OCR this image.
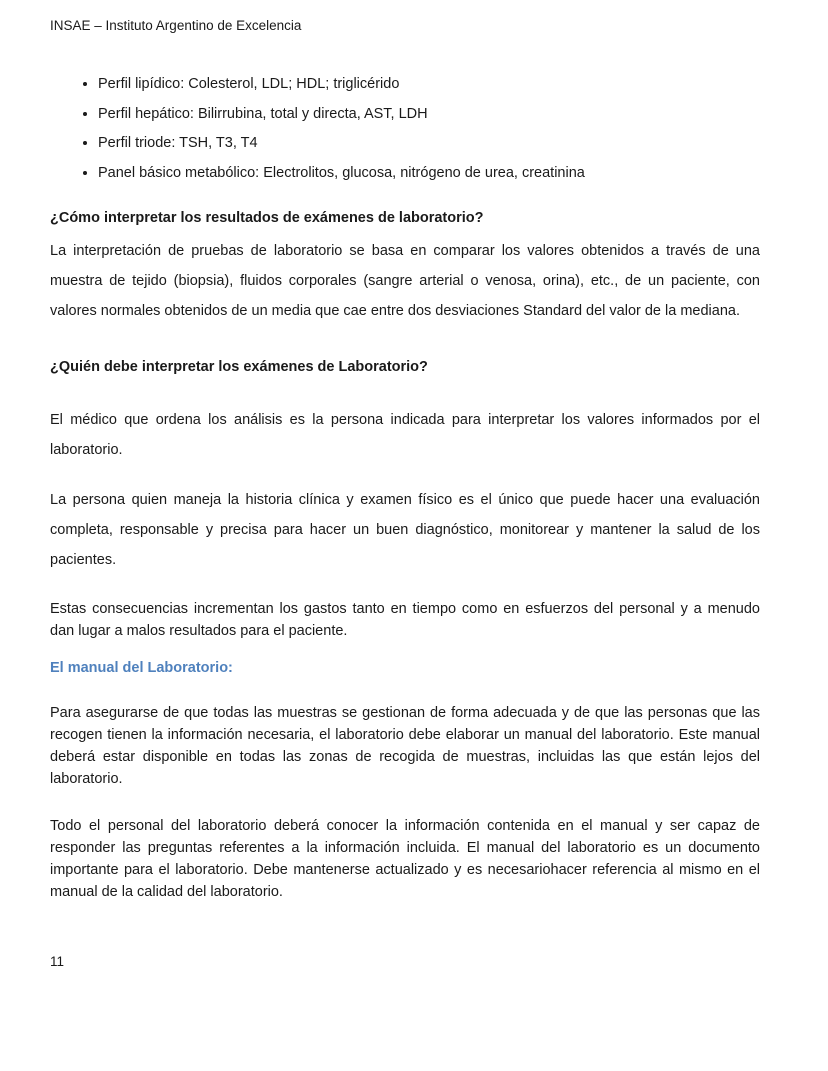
INSAE – Instituto Argentino de Excelencia
• Perfil lipídico: Colesterol, LDL; HDL; triglicérido
• Perfil hepático: Bilirrubina, total y directa, AST, LDH
• Perfil triode: TSH, T3, T4
• Panel básico metabólico: Electrolitos, glucosa, nitrógeno de urea, creatinina
¿Cómo interpretar los resultados de exámenes de laboratorio?

La interpretación de pruebas de laboratorio se basa en comparar los valores obtenidos a través de una muestra de tejido (biopsia), fluidos corporales (sangre arterial o venosa, orina), etc., de un paciente, con valores normales obtenidos de un media que cae entre dos desviaciones Standard del valor de la mediana.

¿Quién debe interpretar los exámenes de Laboratorio?

El médico que ordena los análisis es la persona indicada para interpretar los valores informados por el laboratorio.

La persona quien maneja la historia clínica y examen físico es el único que puede hacer una evaluación completa, responsable y precisa para hacer un buen diagnóstico, monitorear y mantener la salud de los pacientes.

Estas consecuencias incrementan los gastos tanto en tiempo como en esfuerzos del personal y a menudo dan lugar a malos resultados para el paciente.

El manual del Laboratorio:

Para asegurarse de que todas las muestras se gestionan de forma adecuada y de que las personas que las recogen tienen la información necesaria, el laboratorio debe elaborar un manual del laboratorio. Este manual deberá estar disponible en todas las zonas de recogida de muestras, incluidas las que están lejos del laboratorio.

Todo el personal del laboratorio deberá conocer la información contenida en el manual y ser capaz de responder las preguntas referentes a la información incluida. El manual del laboratorio es un documento importante para el laboratorio. Debe mantenerse actualizado y es necesariohacer referencia al mismo en el manual de la calidad del laboratorio.

11
